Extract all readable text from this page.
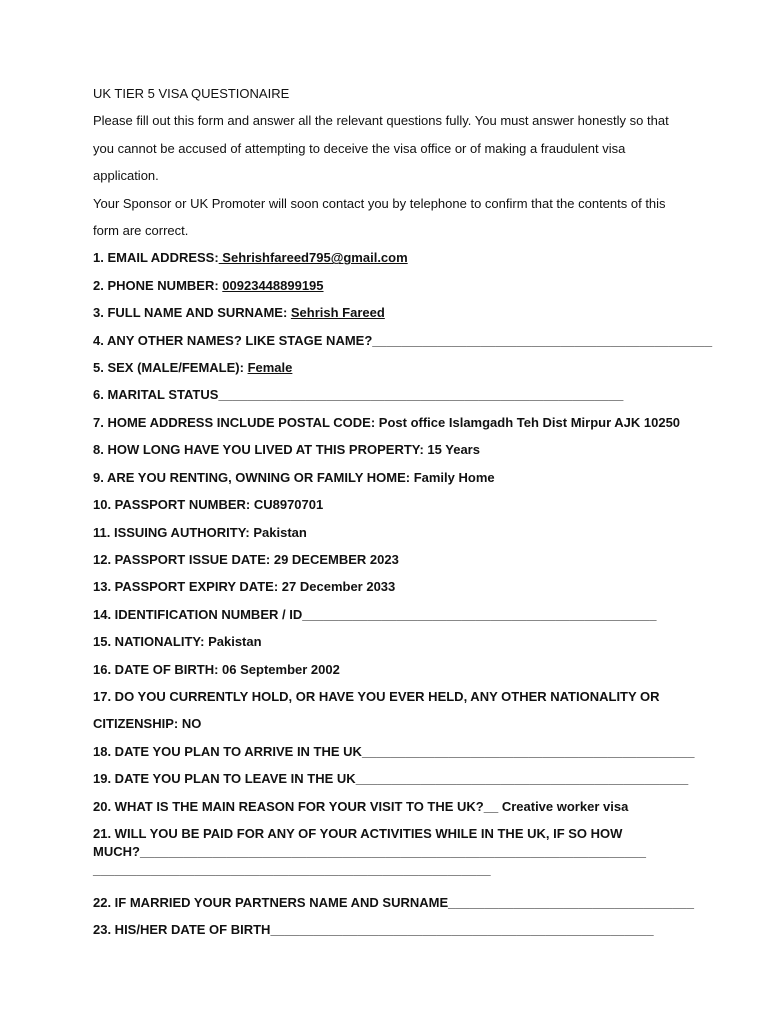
UK TIER 5 VISA QUESTIONAIRE
Please fill out this form and answer all the relevant questions fully. You must answer honestly so that
you cannot be accused of attempting to deceive the visa office or of making a fraudulent visa
application.
Your Sponsor or UK Promoter will soon contact you by telephone to confirm that the contents of this
form are correct.
1. EMAIL ADDRESS: Sehrishfareed795@gmail.com
2. PHONE NUMBER: 00923448899195
3. FULL NAME AND SURNAME: Sehrish Fareed
4. ANY OTHER NAMES? LIKE STAGE NAME?_______________________________________________
5. SEX (MALE/FEMALE): Female
6. MARITAL STATUS________________________________________________________
7. HOME ADDRESS INCLUDE POSTAL CODE: Post office Islamgadh Teh Dist Mirpur AJK 10250
8. HOW LONG HAVE YOU LIVED AT THIS PROPERTY: 15 Years
9. ARE YOU RENTING, OWNING OR FAMILY HOME: Family Home
10. PASSPORT NUMBER: CU8970701
11. ISSUING AUTHORITY: Pakistan
12. PASSPORT ISSUE DATE: 29 DECEMBER 2023
13. PASSPORT EXPIRY DATE: 27 December 2033
14. IDENTIFICATION NUMBER / ID_________________________________________________
15. NATIONALITY: Pakistan
16. DATE OF BIRTH: 06 September 2002
17. DO YOU CURRENTLY HOLD, OR HAVE YOU EVER HELD, ANY OTHER NATIONALITY OR
CITIZENSHIP: NO
18. DATE YOU PLAN TO ARRIVE IN THE UK______________________________________________
19. DATE YOU PLAN TO LEAVE IN THE UK______________________________________________
20. WHAT IS THE MAIN REASON FOR YOUR VISIT TO THE UK?__ Creative worker visa
21. WILL YOU BE PAID FOR ANY OF YOUR ACTIVITIES WHILE IN THE UK, IF SO HOW
MUCH?______________________________________________________________________
_______________________________________________________
22. IF MARRIED YOUR PARTNERS NAME AND SURNAME__________________________________
23. HIS/HER DATE OF BIRTH_____________________________________________________
